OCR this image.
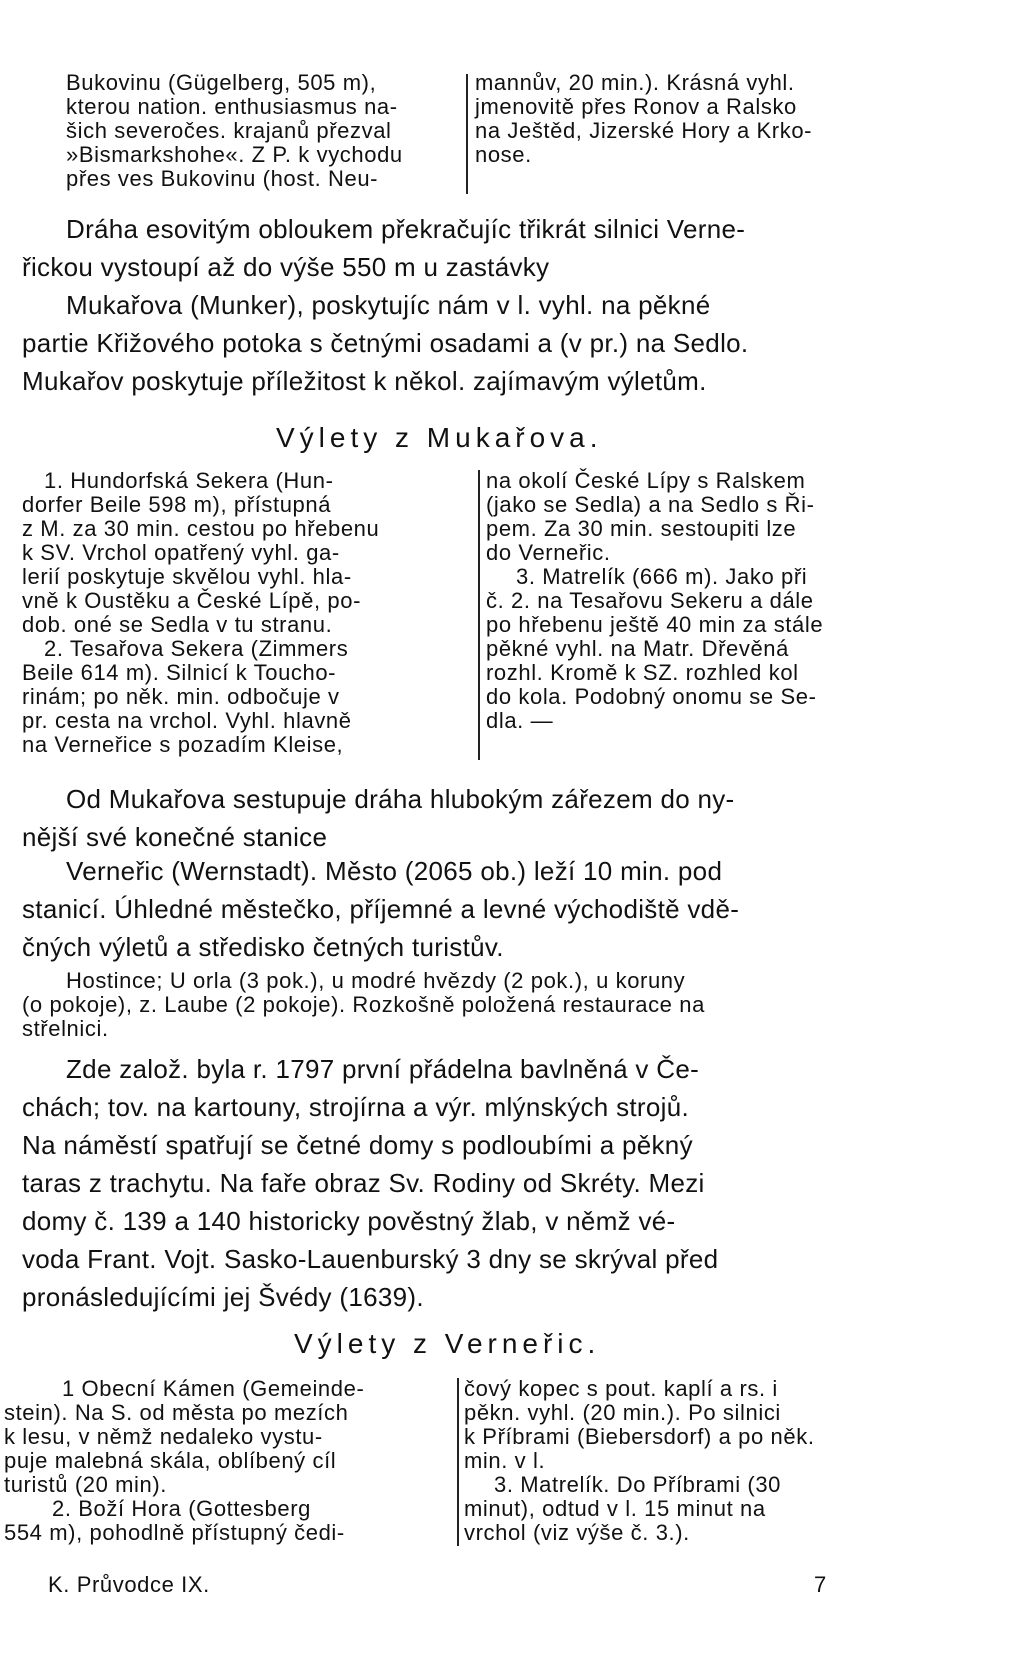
Bukovinu (Gügelberg, 505 m),

kterou nation. enthusiasmus na-

šich severočes. krajanů přezval

»Bismarkshohe«. Z P. k vychodu

přes ves Bukovinu (host. Neu-

mannův, 20 min.). Krásná vyhl.

jmenovitě přes Ronov a Ralsko

na Ještěd, Jizerské Hory a Krko-

nose.

Dráha esovitým obloukem překračujíc třikrát silnici Verne-

řickou vystoupí až do výše 550 m u zastávky

Mukařova (Munker), poskytujíc nám v l. vyhl. na pěkné

partie Křižového potoka s četnými osadami a (v pr.) na Sedlo.

Mukařov poskytuje příležitost k někol. zajímavým výletům.

Výlety z Mukařova.

1. Hundorfská Sekera (Hun-

dorfer Beile 598 m), přístupná

z M. za 30 min. cestou po hřebenu

k SV. Vrchol opatřený vyhl. ga-

lerií poskytuje skvělou vyhl. hla-

vně k Oustěku a České Lípě, po-

dob. oné se Sedla v tu stranu.

2. Tesařova Sekera (Zimmers

Beile 614 m). Silnicí k Toucho-

rinám; po něk. min. odbočuje v

pr. cesta na vrchol. Vyhl. hlavně

na Verneřice s pozadím Kleise,

na okolí České Lípy s Ralskem

(jako se Sedla) a na Sedlo s Ři-

pem. Za 30 min. sestoupiti lze

do Verneřic.

3. Matrelík (666 m). Jako při

č. 2. na Tesařovu Sekeru a dále

po hřebenu ještě 40 min za stále

pěkné vyhl. na Matr. Dřevěná

rozhl. Kromě k SZ. rozhled kol

do kola. Podobný onomu se Se-

dla. —

Od Mukařova sestupuje dráha hlubokým zářezem do ny-

nější své konečné stanice

Verneřic (Wernstadt). Město (2065 ob.) leží 10 min. pod

stanicí. Úhledné městečko, příjemné a levné východiště vdě-

čných výletů a středisko četných turistův.

Hostince; U orla (3 pok.), u modré hvězdy (2 pok.), u koruny

(o pokoje), z. Laube (2 pokoje). Rozkošně položená restaurace na

střelnici.

Zde založ. byla r. 1797 první přádelna bavlněná v Če-

chách; tov. na kartouny, strojírna a výr. mlýnských strojů.

Na náměstí spatřují se četné domy s podloubími a pěkný

taras z trachytu. Na faře obraz Sv. Rodiny od Skréty. Mezi

domy č. 139 a 140 historicky pověstný žlab, v němž vé-

voda Frant. Vojt. Sasko-Lauenburský 3 dny se skrýval před

pronásledujícími jej Švédy (1639).

Výlety z Verneřic.

1 Obecní Kámen (Gemeinde-

stein). Na S. od města po mezích

k lesu, v němž nedaleko vystu-

puje malebná skála, oblíbený cíl

turistů (20 min).

2. Boží Hora (Gottesberg

554 m), pohodlně přístupný čedi-

čový kopec s pout. kaplí a rs. i

pěkn. vyhl. (20 min.). Po silnici

k Příbrami (Biebersdorf) a po něk.

min. v l.

3. Matrelík. Do Příbrami (30

minut), odtud v l. 15 minut na

vrchol (viz výše č. 3.).

K. Průvodce IX.	7
